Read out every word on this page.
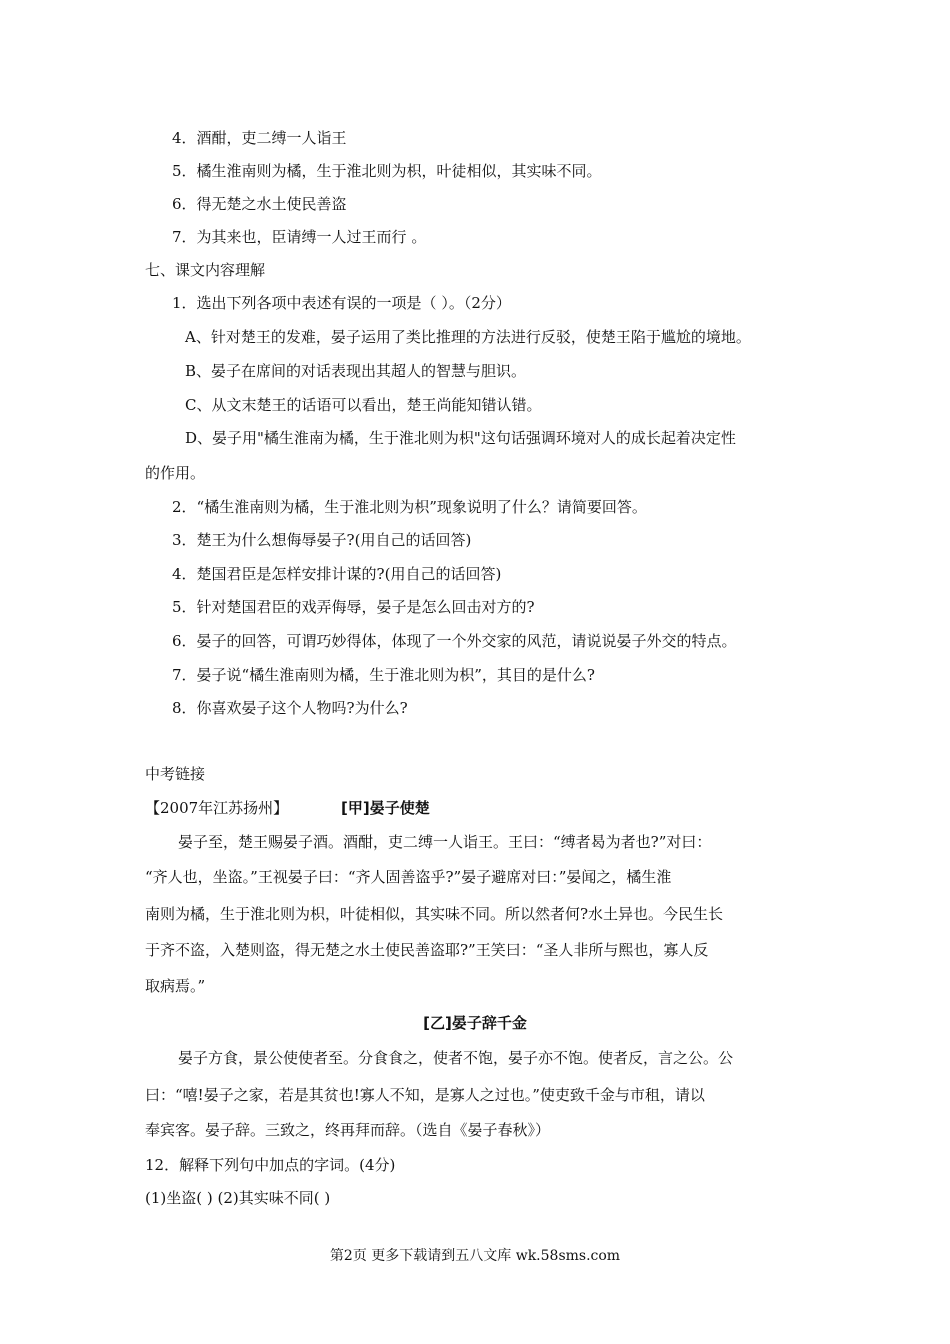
4．酒酣，吏二缚一人诣王
5．橘生淮南则为橘，生于淮北则为枳，叶徒相似，其实味不同。
6．得无楚之水土使民善盗
7．为其来也，臣请缚一人过王而行 。
七、课文内容理解
1．选出下列各项中表述有误的一项是（ ）。（2分）
A、针对楚王的发难，晏子运用了类比推理的方法进行反驳，使楚王陷于尴尬的境地。
B、晏子在席间的对话表现出其超人的智慧与胆识。
C、从文末楚王的话语可以看出，楚王尚能知错认错。
D、晏子用"橘生淮南为橘，生于淮北则为枳"这句话强调环境对人的成长起着决定性
的作用。
2．“橘生淮南则为橘，生于淮北则为枳”现象说明了什么？请简要回答。
3．楚王为什么想侮辱晏子?(用自己的话回答)
4．楚国君臣是怎样安排计谋的?(用自己的话回答)
5．针对楚国君臣的戏弄侮辱，晏子是怎么回击对方的?
6．晏子的回答，可谓巧妙得体，体现了一个外交家的风范，请说说晏子外交的特点。
7．晏子说“橘生淮南则为橘，生于淮北则为枳”，其目的是什么?
8．你喜欢晏子这个人物吗?为什么?
中考链接
【2007年江苏扬州】	[甲]晏子使楚
晏子至，楚王赐晏子酒。酒酣，吏二缚一人诣王。王曰：“缚者曷为者也?”对曰：
“齐人也，坐盗。”王视晏子曰：“齐人固善盗乎?”晏子避席对曰：”晏闻之，橘生淮
南则为橘，生于淮北则为枳，叶徒相似，其实味不同。所以然者何?水土异也。今民生长
于齐不盗，入楚则盗，得无楚之水土使民善盗耶?”王笑曰：“圣人非所与熙也，寡人反
取病焉。”
[乙]晏子辞千金
晏子方食，景公使使者至。分食食之，使者不饱，晏子亦不饱。使者反，言之公。公
曰：“嘻!晏子之家，若是其贫也!寡人不知，是寡人之过也。”使吏致千金与市租，请以
奉宾客。晏子辞。三致之，终再拜而辞。（选自《晏子春秋》）
12．解释下列句中加点的字词。(4分)
(1)坐盗( ) (2)其实味不同( )
第2页 更多下载请到五八文库 wk.58sms.com
